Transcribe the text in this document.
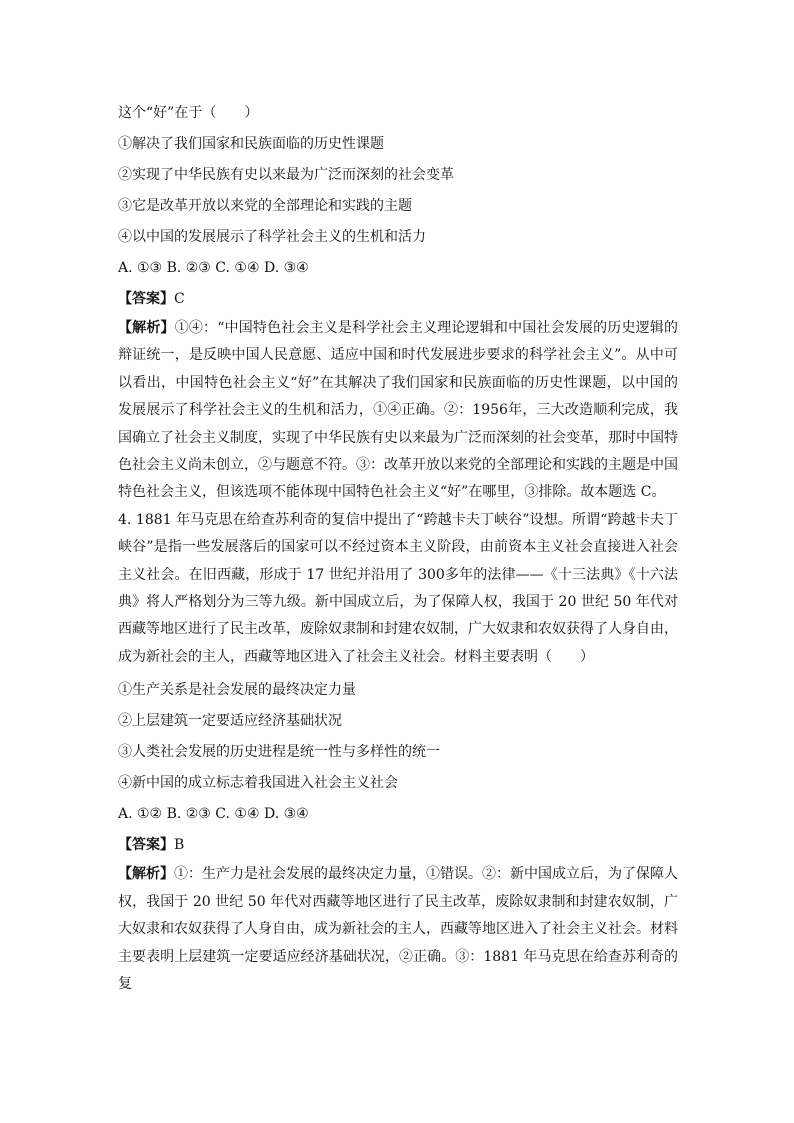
这个“好”在于（　　）
①解决了我们国家和民族面临的历史性课题
②实现了中华民族有史以来最为广泛而深刻的社会变革
③它是改革开放以来党的全部理论和实践的主题
④以中国的发展展示了科学社会主义的生机和活力
A. ①③ B. ②③ C. ①④ D. ③④
【答案】C

【解析】①④：“中国特色社会主义是科学社会主义理论逻辑和中国社会发展的历史逻辑的辩证统一，是反映中国人民意愿、适应中国和时代发展进步要求的科学社会主义”。从中可以看出，中国特色社会主义“好”在其解决了我们国家和民族面临的历史性课题，以中国的发展展示了科学社会主义的生机和活力，①④正确。②：1956年，三大改造顺利完成，我国确立了社会主义制度，实现了中华民族有史以来最为广泛而深刻的社会变革，那时中国特色社会主义尚未创立，②与题意不符。③：改革开放以来党的全部理论和实践的主题是中国特色社会主义，但该选项不能体现中国特色社会主义“好”在哪里，③排除。故本题选 C。

4. 1881 年马克思在给查苏利奇的复信中提出了“跨越卡夫丁峡谷”设想。所谓“跨越卡夫丁峡谷”是指一些发展落后的国家可以不经过资本主义阶段，由前资本主义社会直接进入社会主义社会。在旧西藏，形成于 17 世纪并沿用了 300多年的法律——《十三法典》《十六法典》将人严格划分为三等九级。新中国成立后，为了保障人权，我国于 20 世纪 50 年代对西藏等地区进行了民主改革，废除奴隶制和封建农奴制，广大奴隶和农奴获得了人身自由，成为新社会的主人，西藏等地区进入了社会主义社会。材料主要表明（　　）

①生产关系是社会发展的最终决定力量
②上层建筑一定要适应经济基础状况
③人类社会发展的历史进程是统一性与多样性的统一
④新中国的成立标志着我国进入社会主义社会
A. ①② B. ②③ C. ①④ D. ③④
【答案】B

【解析】①：生产力是社会发展的最终决定力量，①错误。②：新中国成立后，为了保障人权，我国于 20 世纪 50 年代对西藏等地区进行了民主改革，废除奴隶制和封建农奴制，广大奴隶和农奴获得了人身自由，成为新社会的主人，西藏等地区进入了社会主义社会。材料主要表明上层建筑一定要适应经济基础状况，②正确。③：1881 年马克思在给查苏利奇的复
